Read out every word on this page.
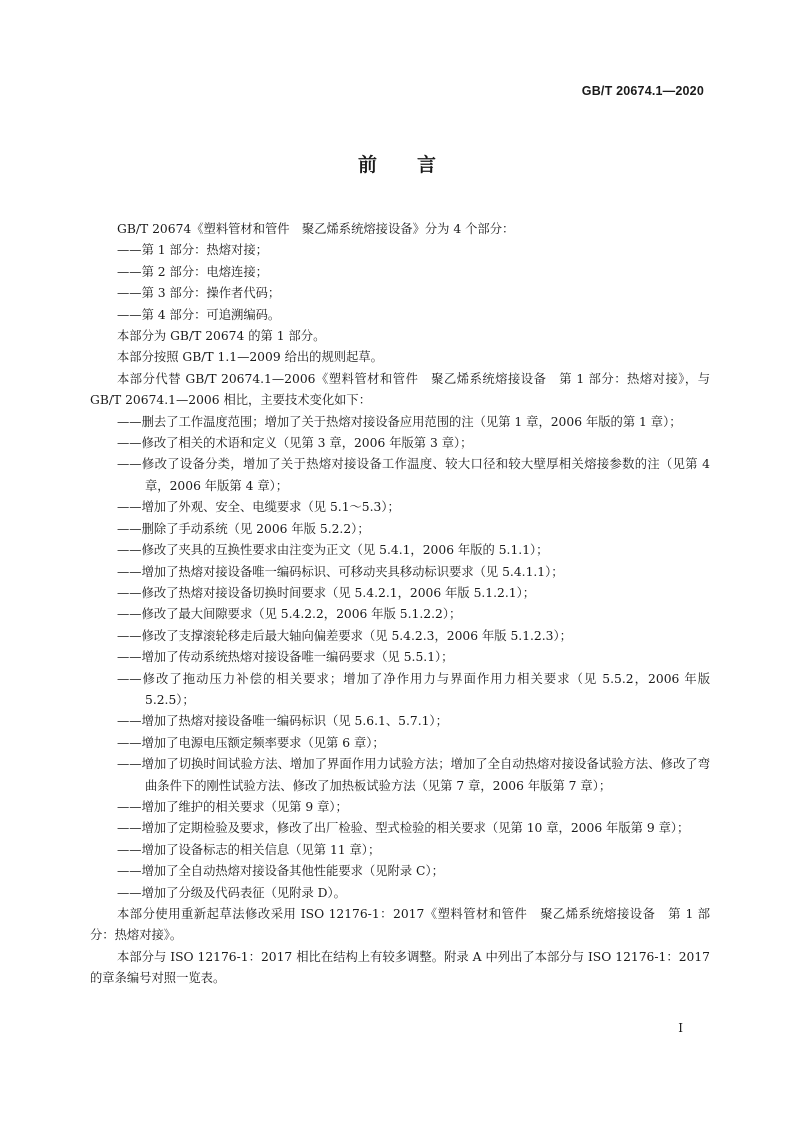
GB/T 20674.1—2020
前言

GB/T 20674《塑料管材和管件　聚乙烯系统熔接设备》分为 4 个部分：

——第 1 部分：热熔对接；

——第 2 部分：电熔连接；

——第 3 部分：操作者代码；

——第 4 部分：可追溯编码。

本部分为 GB/T 20674 的第 1 部分。

本部分按照 GB/T 1.1—2009 给出的规则起草。

本部分代替 GB/T 20674.1—2006《塑料管材和管件　聚乙烯系统熔接设备　第 1 部分：热熔对接》，与 GB/T 20674.1—2006 相比，主要技术变化如下：

——删去了工作温度范围；增加了关于热熔对接设备应用范围的注（见第 1 章，2006 年版的第 1 章）；

——修改了相关的术语和定义（见第 3 章，2006 年版第 3 章）；

——修改了设备分类，增加了关于热熔对接设备工作温度、较大口径和较大壁厚相关熔接参数的注（见第 4 章，2006 年版第 4 章）；

——增加了外观、安全、电缆要求（见 5.1～5.3）；

——删除了手动系统（见 2006 年版 5.2.2）；

——修改了夹具的互换性要求由注变为正文（见 5.4.1，2006 年版的 5.1.1）；

——增加了热熔对接设备唯一编码标识、可移动夹具移动标识要求（见 5.4.1.1）；

——修改了热熔对接设备切换时间要求（见 5.4.2.1，2006 年版 5.1.2.1）；

——修改了最大间隙要求（见 5.4.2.2，2006 年版 5.1.2.2）；

——修改了支撑滚轮移走后最大轴向偏差要求（见 5.4.2.3，2006 年版 5.1.2.3）；

——增加了传动系统热熔对接设备唯一编码要求（见 5.5.1）；

——修改了拖动压力补偿的相关要求；增加了净作用力与界面作用力相关要求（见 5.5.2，2006 年版 5.2.5）；

——增加了热熔对接设备唯一编码标识（见 5.6.1、5.7.1）；

——增加了电源电压额定频率要求（见第 6 章）；

——增加了切换时间试验方法、增加了界面作用力试验方法；增加了全自动热熔对接设备试验方法、修改了弯曲条件下的刚性试验方法、修改了加热板试验方法（见第 7 章，2006 年版第 7 章）；

——增加了维护的相关要求（见第 9 章）；

——增加了定期检验及要求，修改了出厂检验、型式检验的相关要求（见第 10 章，2006 年版第 9 章）；

——增加了设备标志的相关信息（见第 11 章）；

——增加了全自动热熔对接设备其他性能要求（见附录 C）；

——增加了分级及代码表征（见附录 D）。

本部分使用重新起草法修改采用 ISO 12176-1：2017《塑料管材和管件　聚乙烯系统熔接设备　第 1 部分：热熔对接》。

本部分与 ISO 12176-1：2017 相比在结构上有较多调整。附录 A 中列出了本部分与 ISO 12176-1：2017 的章条编号对照一览表。

I
